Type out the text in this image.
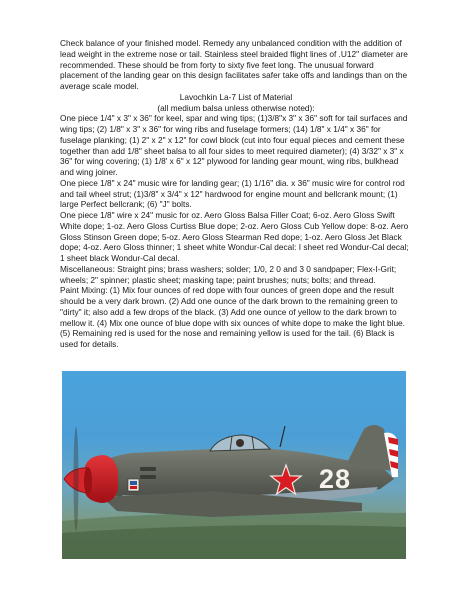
Check balance of your finished model. Remedy any unbalanced condition with the addition of lead weight in the extreme nose or tail. Stainless steel braided flight lines of .U12" diameter are recommended. These should be from forty to sixty five feet long. The unusual forward placement of the landing gear on this design facilitates safer take offs and landings than on the average scale model.

Lavochkin La-7 List of Material

(all medium balsa unless otherwise noted):

One piece 1/4" x 3" x 36" for keel, spar and wing tips; (1)3/8"x 3" x 36" soft for tail surfaces and wing tips; (2) 1/8" x 3" x 36" for wing ribs and fuselage formers; (14) 1/8" x 1/4" x 36" for fuselage planking; (1) 2" x 2" x 12" for cowl block (cut into four equal pieces and cement these together than add 1/8" sheet balsa to all four sides to meet required diameter); (4) 3/32" x 3" x 36" for wing covering; (1) 1/8' x 6" x 12" plywood for landing gear mount, wing ribs, bulkhead and wing joiner.

One piece 1/8" x 24" music wire for landing gear; (1) 1/16" dia. x 36" music wire for control rod and tail wheel strut; (1)3/8" x 3/4" x 12" hardwood for engine mount and bellcrank mount; (1) large Perfect bellcrank; (6) "J" bolts.

One piece 1/8" wire x 24" music for oz. Aero Gloss Balsa Filler Coat; 6-oz. Aero Gloss Swift White dope; 1-oz. Aero Gloss Curtiss Blue dope; 2-oz. Aero Gloss Cub Yellow dope: 8-oz. Aero Gloss Stinson Green dope; 5-oz. Aero Gloss Stearman Red dope; 1-oz. Aero Gloss Jet Black dope; 4-oz. Aero Gloss thinner; 1 sheet white Wondur-Cal decal: I sheet red Wondur-Cal decal; 1 sheet black Wondur-Cal decal.

Miscellaneous: Straight pins; brass washers; solder; 1/0, 2 0 and 3 0 sandpaper; Flex-I-Grit; wheels; 2" spinner; plastic sheet; masking tape; paint brushes; nuts; bolts; and thread.

Paint Mixing: (1) Mix four ounces of red dope with four ounces of green dope and the result should be a very dark brown. (2) Add one ounce of the dark brown to the remaining green to "dirty" it; also add a few drops of the black. (3) Add one ounce of yellow to the dark brown to mellow it. (4) Mix one ounce of blue dope with six ounces of white dope to make the light blue. (5) Remaining red is used for the nose and remaining yellow is used for the tail. (6) Black is used for details.

28
